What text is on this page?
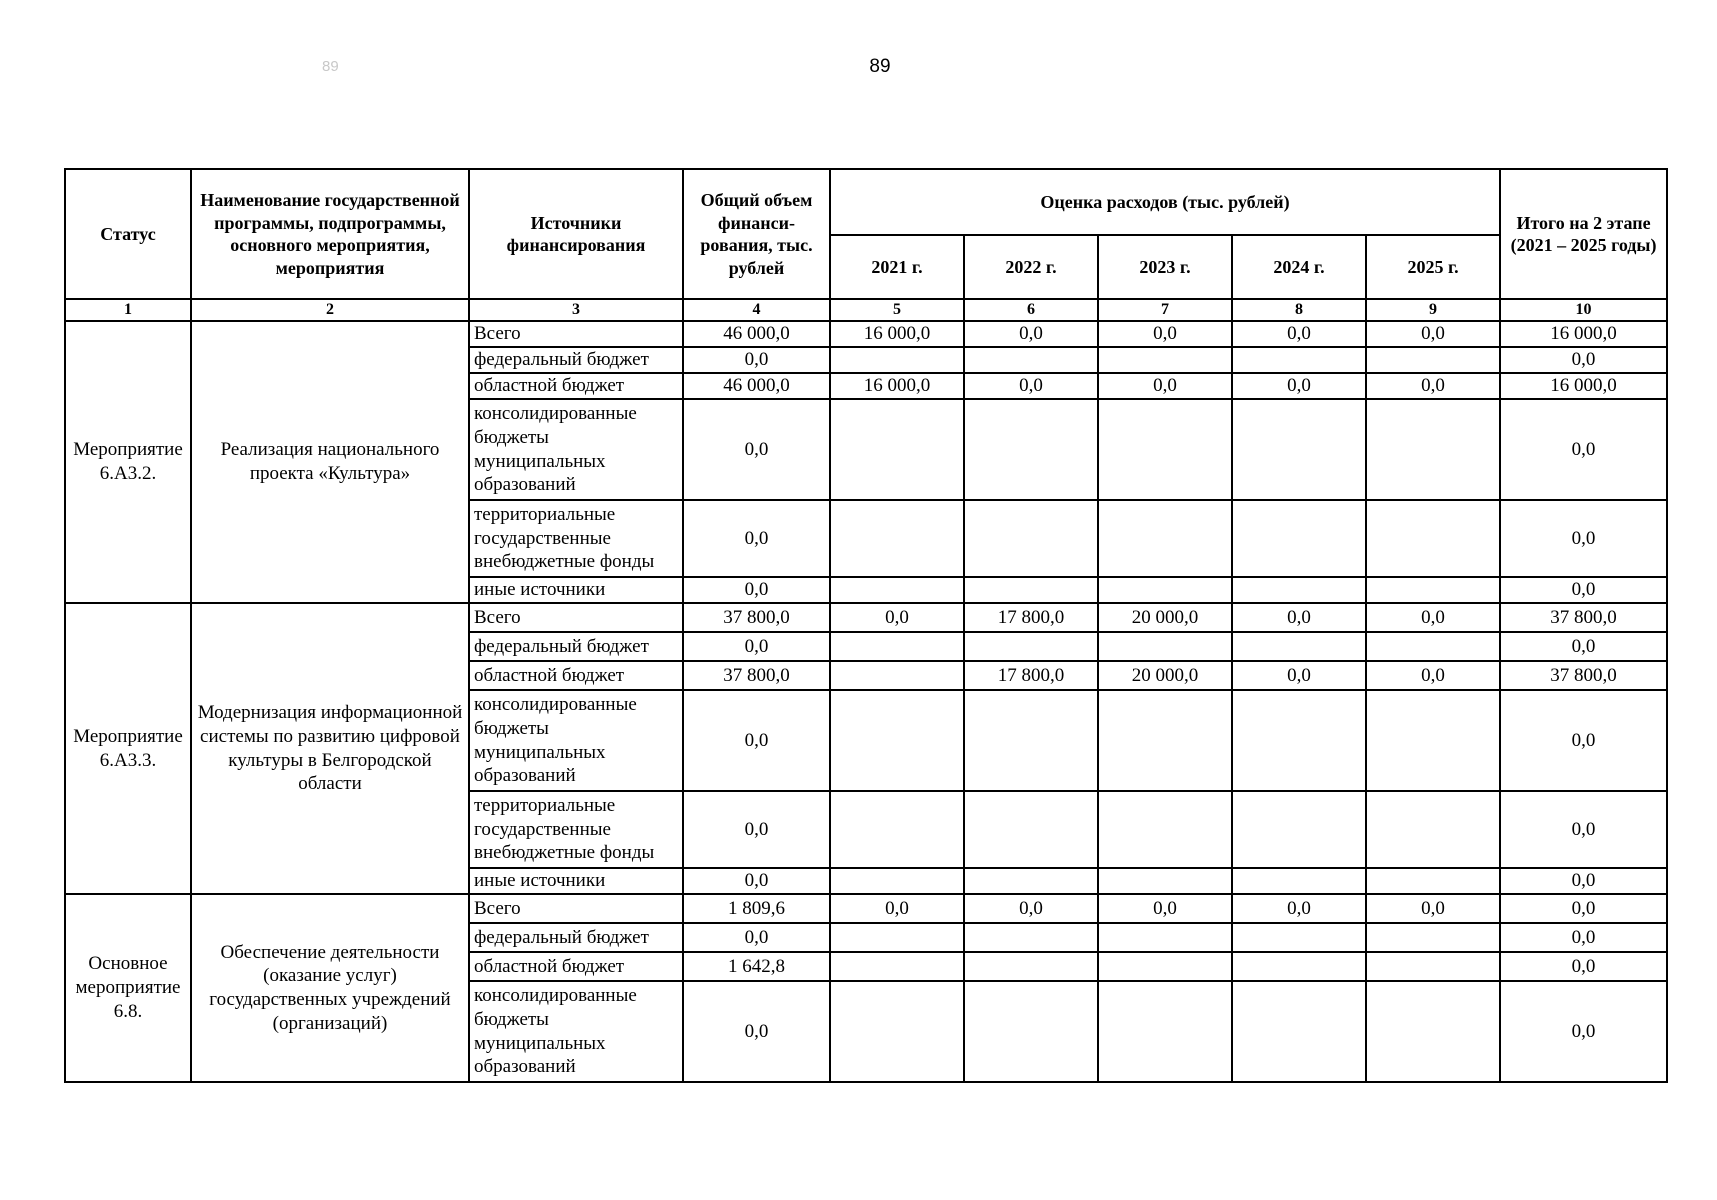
89	89
Статус	Наименование государственной программы, подпрограммы, основного мероприятия, мероприятия	Источники финансирования	Общий объем финанси-рования, тыс. рублей	Оценка расходов (тыс. рублей)					Итого на 2 этапе (2021 – 2025 годы)
				2021 г.	2022 г.	2023 г.	2024 г.	2025 г.	
1	2	3	4	5	6	7	8	9	10
Мероприятие 6.А3.2.	Реализация национального проекта «Культура»	Всего	46 000,0	16 000,0	0,0	0,0	0,0	0,0	16 000,0
		федеральный бюджет	0,0						0,0
		областной бюджет	46 000,0	16 000,0	0,0	0,0	0,0	0,0	16 000,0
		консолидированные бюджеты муниципальных образований	0,0						0,0
		территориальные государственные внебюджетные фонды	0,0						0,0
		иные источники	0,0						0,0
Мероприятие 6.А3.3.	Модернизация информационной системы по развитию цифровой культуры в Белгородской области	Всего	37 800,0	0,0	17 800,0	20 000,0	0,0	0,0	37 800,0
		федеральный бюджет	0,0						0,0
		областной бюджет	37 800,0		17 800,0	20 000,0	0,0	0,0	37 800,0
		консолидированные бюджеты муниципальных образований	0,0						0,0
		территориальные государственные внебюджетные фонды	0,0						0,0
		иные источники	0,0						0,0
Основное мероприятие 6.8.	Обеспечение деятельности (оказание услуг) государственных учреждений (организаций)	Всего	1 809,6	0,0	0,0	0,0	0,0	0,0	0,0
		федеральный бюджет	0,0						0,0
		областной бюджет	1 642,8						0,0
		консолидированные бюджеты муниципальных образований	0,0						0,0
